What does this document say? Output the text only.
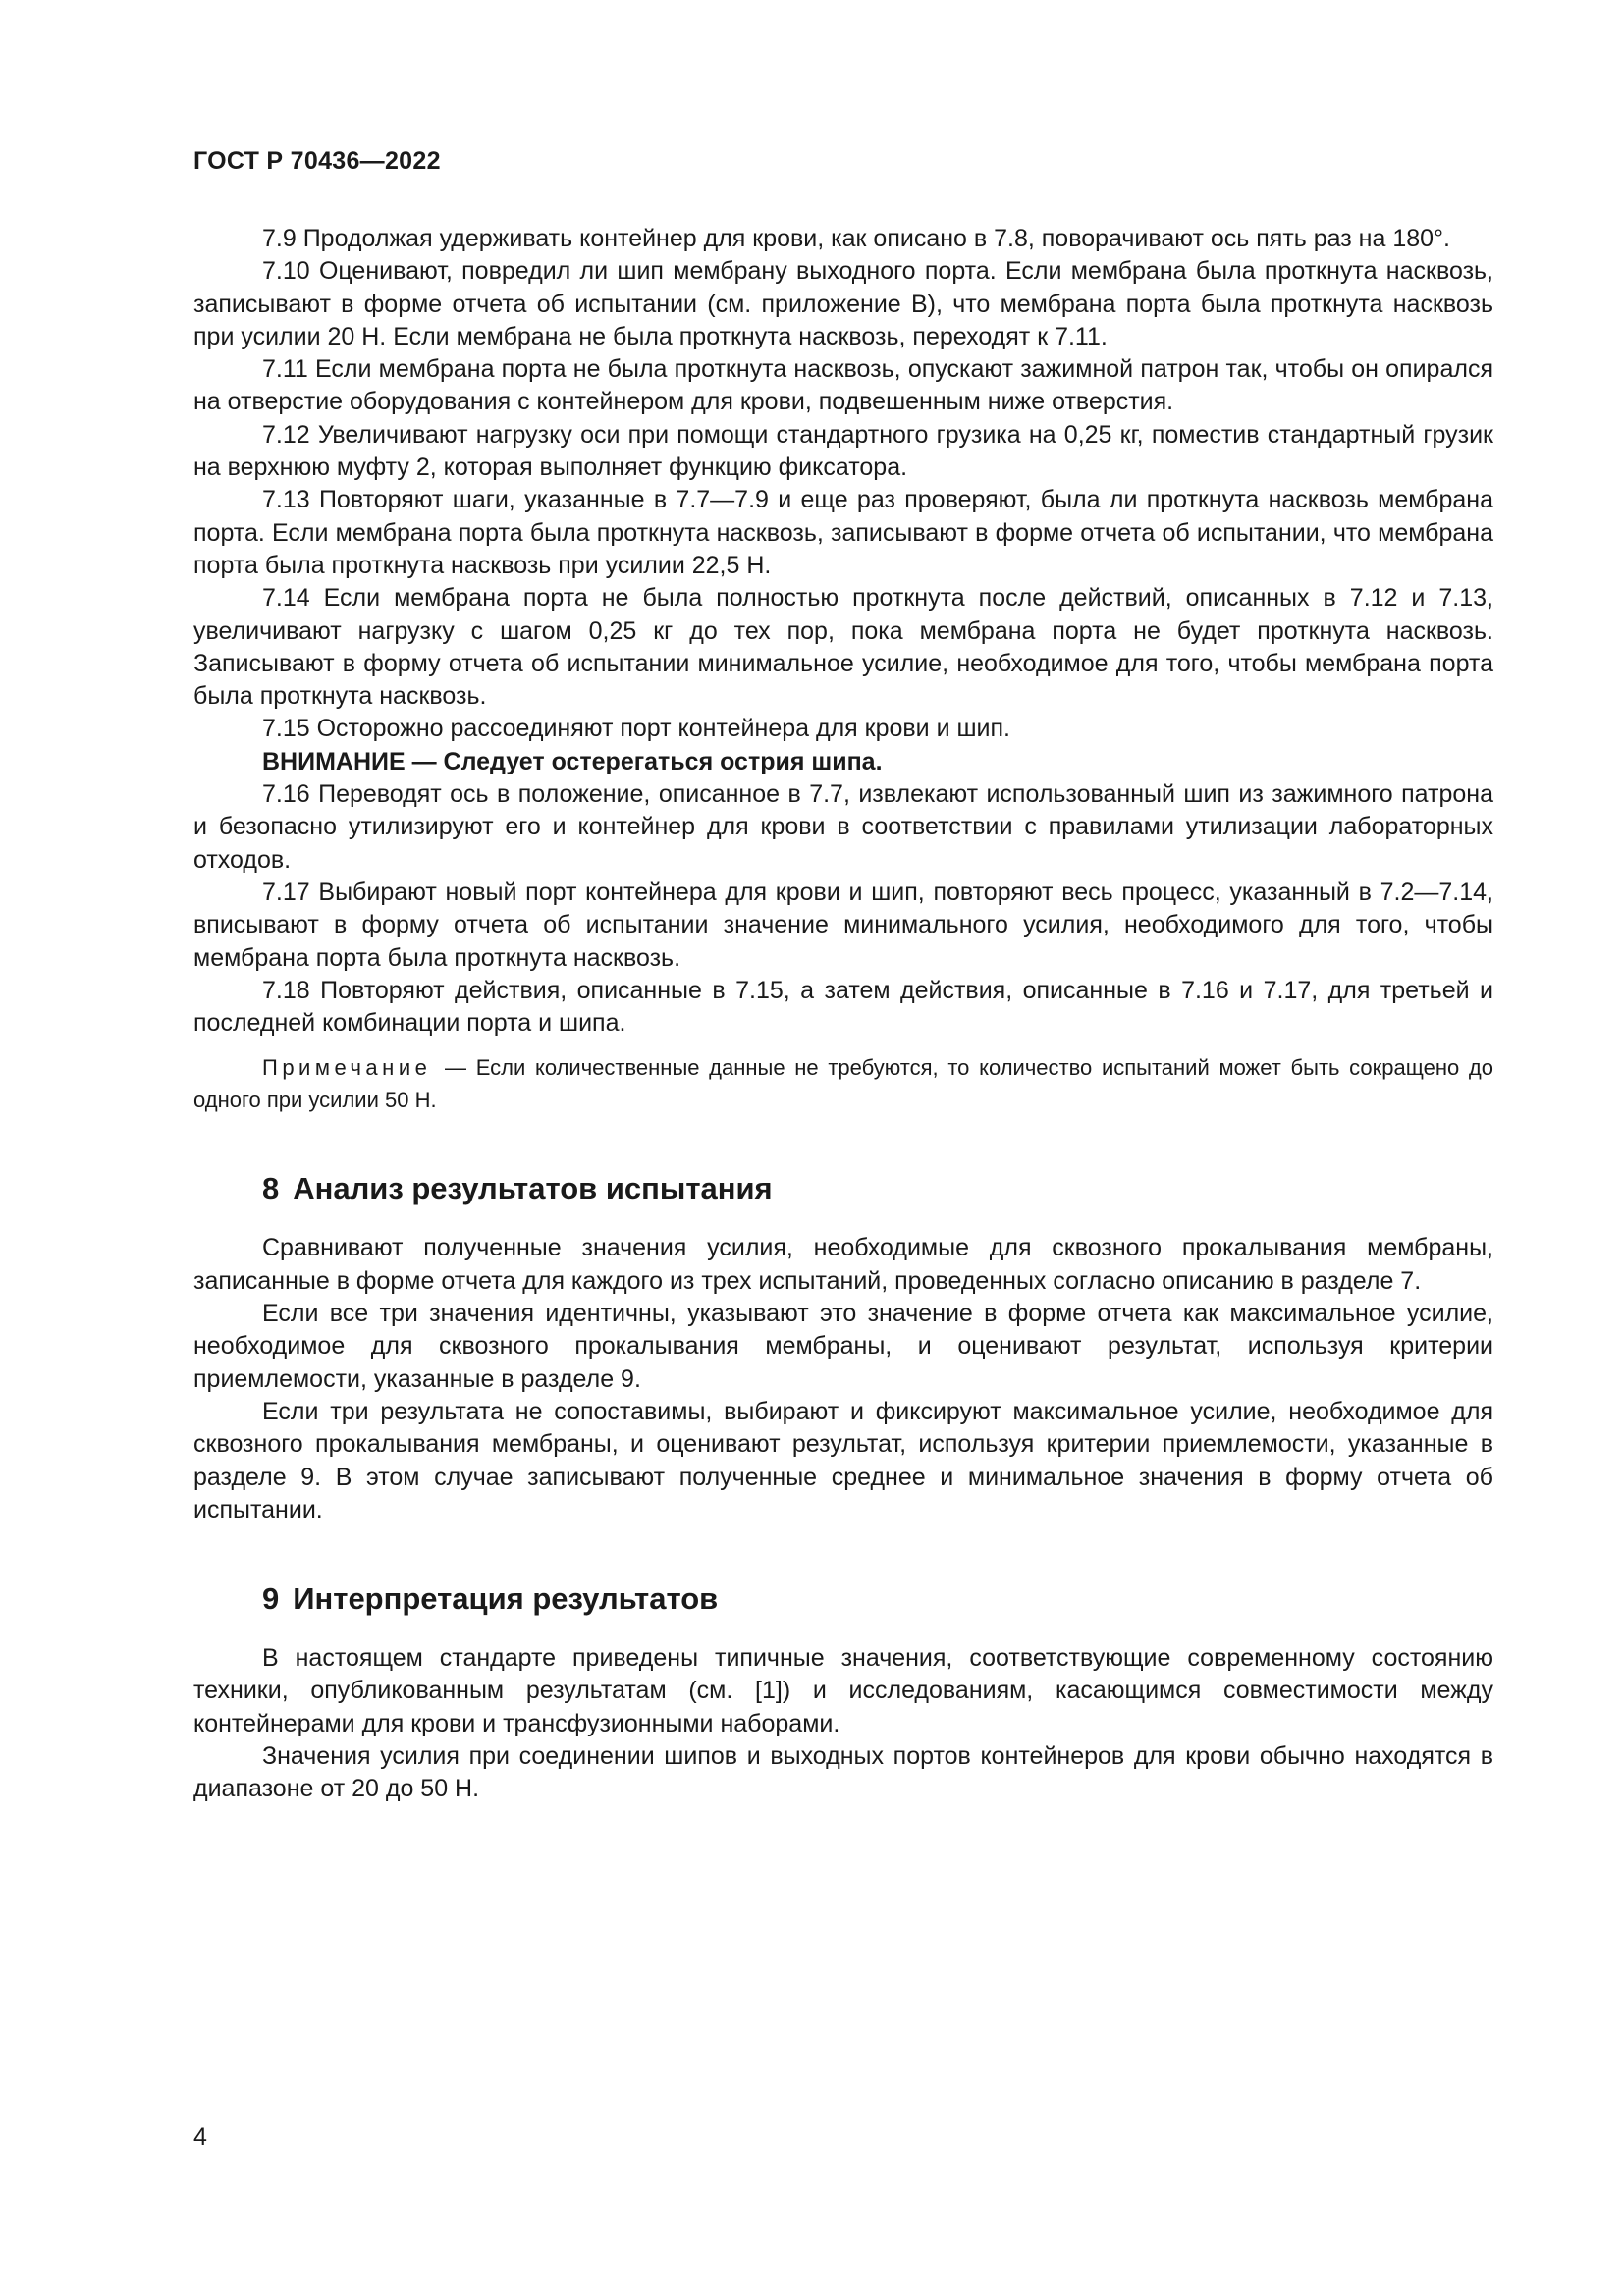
ГОСТ Р 70436—2022

7.9 Продолжая удерживать контейнер для крови, как описано в 7.8, поворачивают ось пять раз на 180°.

7.10 Оценивают, повредил ли шип мембрану выходного порта. Если мембрана была проткнута насквозь, записывают в форме отчета об испытании (см. приложение В), что мембрана порта была проткнута насквозь при усилии 20 Н. Если мембрана не была проткнута насквозь, переходят к 7.11.

7.11 Если мембрана порта не была проткнута насквозь, опускают зажимной патрон так, чтобы он опирался на отверстие оборудования с контейнером для крови, подвешенным ниже отверстия.

7.12 Увеличивают нагрузку оси при помощи стандартного грузика на 0,25 кг, поместив стандартный грузик на верхнюю муфту 2, которая выполняет функцию фиксатора.

7.13 Повторяют шаги, указанные в 7.7—7.9 и еще раз проверяют, была ли проткнута насквозь мембрана порта. Если мембрана порта была проткнута насквозь, записывают в форме отчета об испытании, что мембрана порта была проткнута насквозь при усилии 22,5 Н.

7.14 Если мембрана порта не была полностью проткнута после действий, описанных в 7.12 и 7.13, увеличивают нагрузку с шагом 0,25 кг до тех пор, пока мембрана порта не будет проткнута насквозь. Записывают в форму отчета об испытании минимальное усилие, необходимое для того, чтобы мембрана порта была проткнута насквозь.

7.15 Осторожно рассоединяют порт контейнера для крови и шип.

ВНИМАНИЕ — Следует остерегаться острия шипа.

7.16 Переводят ось в положение, описанное в 7.7, извлекают использованный шип из зажимного патрона и безопасно утилизируют его и контейнер для крови в соответствии с правилами утилизации лабораторных отходов.

7.17 Выбирают новый порт контейнера для крови и шип, повторяют весь процесс, указанный в 7.2—7.14, вписывают в форму отчета об испытании значение минимального усилия, необходимого для того, чтобы мембрана порта была проткнута насквозь.

7.18 Повторяют действия, описанные в 7.15, а затем действия, описанные в 7.16 и 7.17, для третьей и последней комбинации порта и шипа.

Примечание — Если количественные данные не требуются, то количество испытаний может быть сокращено до одного при усилии 50 Н.

8 Анализ результатов испытания

Сравнивают полученные значения усилия, необходимые для сквозного прокалывания мембраны, записанные в форме отчета для каждого из трех испытаний, проведенных согласно описанию в разделе 7.

Если все три значения идентичны, указывают это значение в форме отчета как максимальное усилие, необходимое для сквозного прокалывания мембраны, и оценивают результат, используя критерии приемлемости, указанные в разделе 9.

Если три результата не сопоставимы, выбирают и фиксируют максимальное усилие, необходимое для сквозного прокалывания мембраны, и оценивают результат, используя критерии приемлемости, указанные в разделе 9. В этом случае записывают полученные среднее и минимальное значения в форму отчета об испытании.

9 Интерпретация результатов

В настоящем стандарте приведены типичные значения, соответствующие современному состоянию техники, опубликованным результатам (см. [1]) и исследованиям, касающимся совместимости между контейнерами для крови и трансфузионными наборами.

Значения усилия при соединении шипов и выходных портов контейнеров для крови обычно находятся в диапазоне от 20 до 50 Н.

4
